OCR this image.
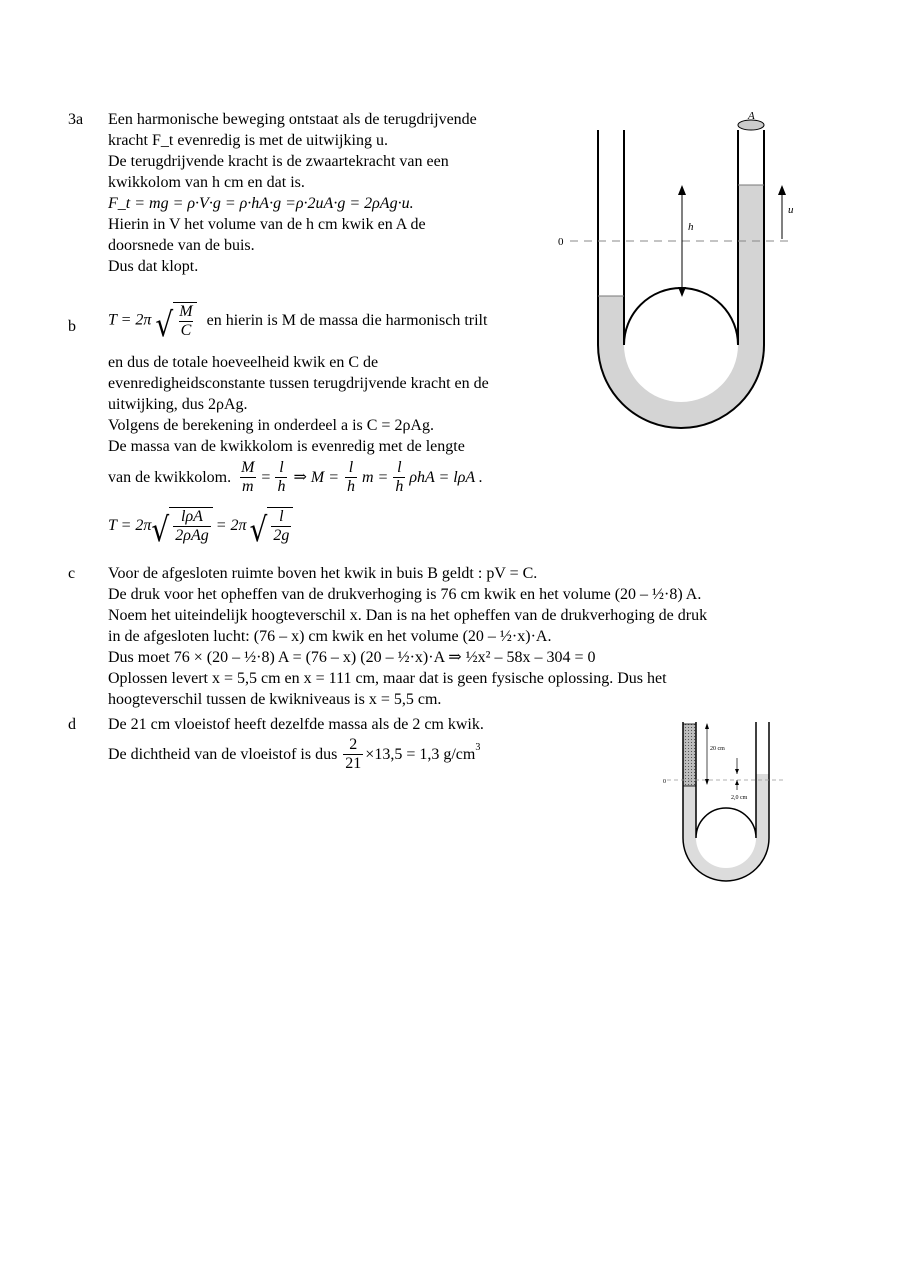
3a Een harmonische beweging ontstaat als de terugdrijvende
kracht F_t evenredig is met de uitwijking u.
De terugdrijvende kracht is de zwaartekracht van een
kwikkolom van h cm en dat is.
F_t = mg = ρ·V·g = ρ·hA·g =ρ·2uA·g = 2ρAg·u.
Hierin in V het volume van de h cm kwik en A de
doorsnede van de buis.
Dus dat klopt.
b T = 2π √ $\frac{M}{C}$ en hierin is M de massa die harmonisch trilt
en dus de totale hoeveelheid kwik en C de
evenredigheidsconstante tussen terugdrijvende kracht en de
uitwijking, dus 2ρAg.
Volgens de berekening in onderdeel a is C = 2ρAg.
De massa van de kwikkolom is evenredig met de lengte
van de kwikkolom. $\frac{M}{m} = \frac{l}{h}$ ⇒ $M = \frac{l}{h}$ $m = \frac{l}{h}$ ρhA = lρA .
T = 2π √ $\frac{\text{lρA}}{\text{2ρAg}} = 2\pi$ √ $\frac{l}{2g}$
c Voor de afgesloten ruimte boven het kwik in buis B geldt : pV = C.
De druk voor het opheffen van de drukverhoging is 76 cm kwik en het volume (20 – ½·8) A.
Noem het uiteindelijk hoogteverschil x. Dan is na het opheffen van de drukverhoging de druk
in de afgesloten lucht: (76 – x) cm kwik en het volume (20 – ½·x)·A.
Dus moet 76 × (20 – ½·8) A = (76 – x) (20 – ½·x)·A ⇒ ½x² – 58x – 304 = 0
Oplossen levert x = 5,5 cm en x = 111 cm, maar dat is geen fysische oplossing. Dus het
hoogteverschil tussen de kwikniveaus is x = 5,5 cm.
d De 21 cm vloeistof heeft dezelfde massa als de 2 cm kwik.
De dichtheid van de vloeistof is dus $\frac{2}{21} \times 13,5 = 1,3$ $g/cm^3$
A
u
h
0
20 cm
2,0 cm
0
